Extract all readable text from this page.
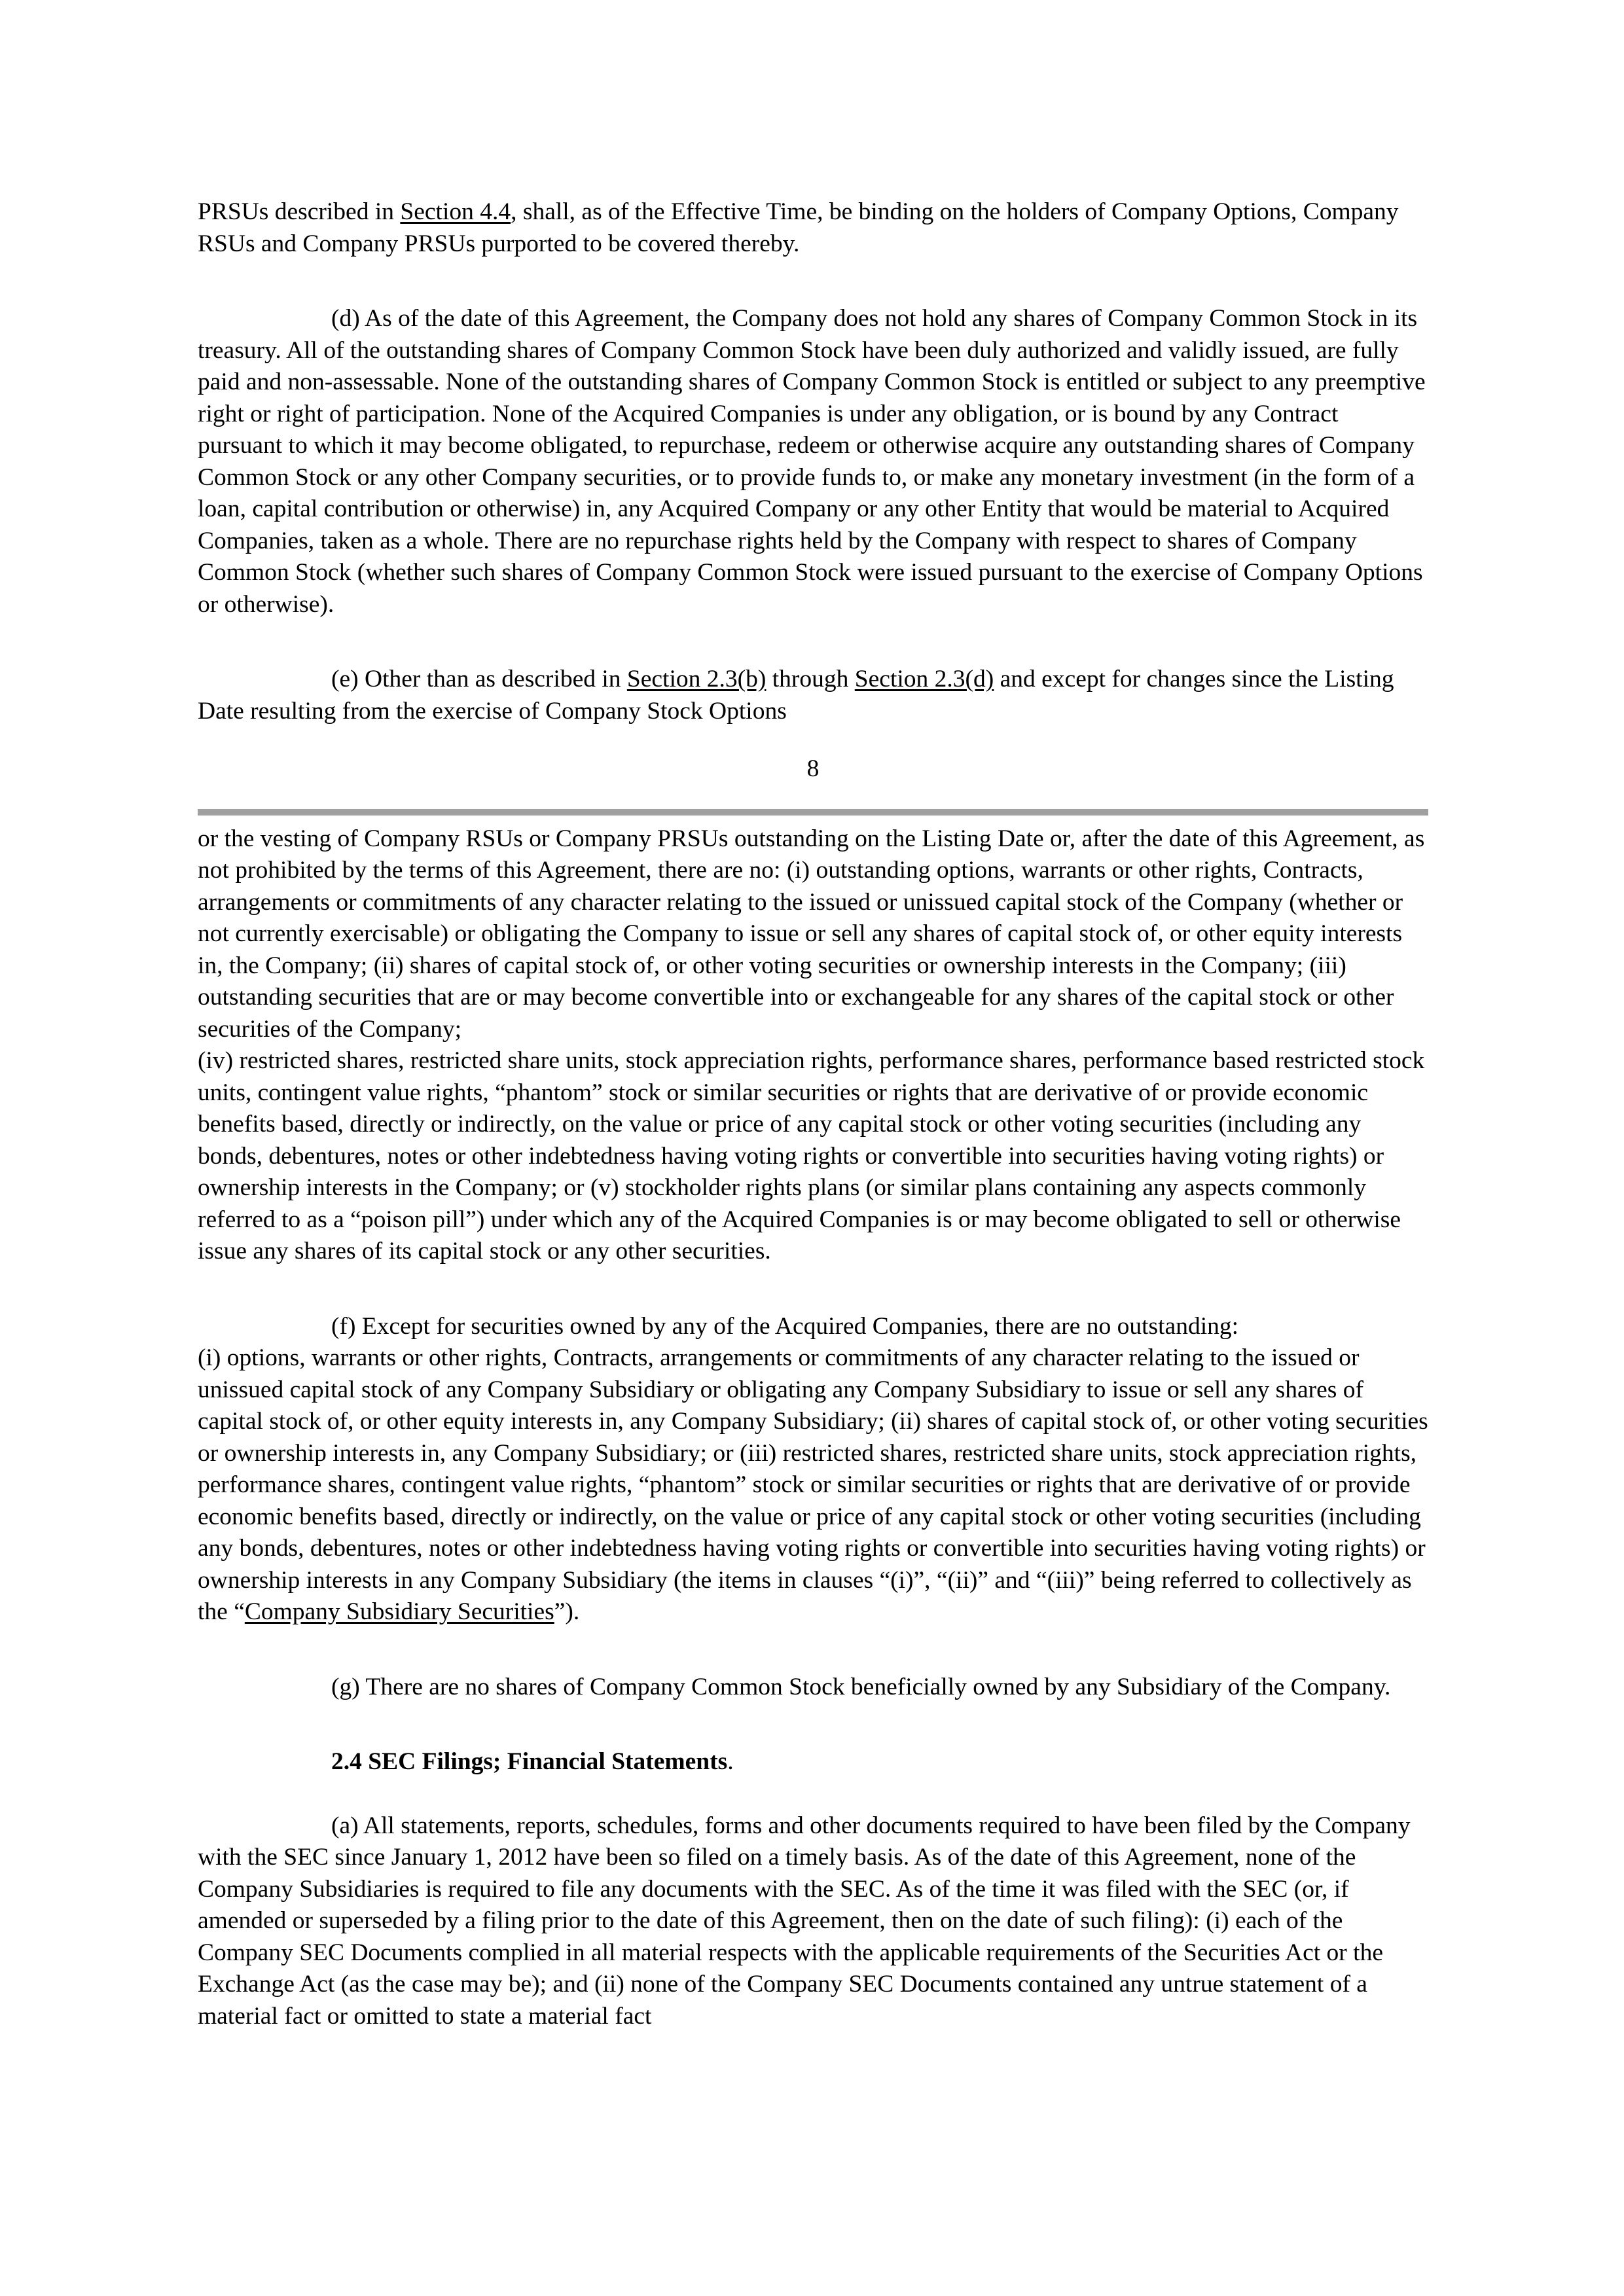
PRSUs described in Section 4.4, shall, as of the Effective Time, be binding on the holders of Company Options, Company RSUs and Company PRSUs purported to be covered thereby.

(d) As of the date of this Agreement, the Company does not hold any shares of Company Common Stock in its treasury. All of the outstanding shares of Company Common Stock have been duly authorized and validly issued, are fully paid and non-assessable. None of the outstanding shares of Company Common Stock is entitled or subject to any preemptive right or right of participation. None of the Acquired Companies is under any obligation, or is bound by any Contract pursuant to which it may become obligated, to repurchase, redeem or otherwise acquire any outstanding shares of Company Common Stock or any other Company securities, or to provide funds to, or make any monetary investment (in the form of a loan, capital contribution or otherwise) in, any Acquired Company or any other Entity that would be material to Acquired Companies, taken as a whole. There are no repurchase rights held by the Company with respect to shares of Company Common Stock (whether such shares of Company Common Stock were issued pursuant to the exercise of Company Options or otherwise).

(e) Other than as described in Section 2.3(b) through Section 2.3(d) and except for changes since the Listing Date resulting from the exercise of Company Stock Options

8

or the vesting of Company RSUs or Company PRSUs outstanding on the Listing Date or, after the date of this Agreement, as not prohibited by the terms of this Agreement, there are no: (i) outstanding options, warrants or other rights, Contracts, arrangements or commitments of any character relating to the issued or unissued capital stock of the Company (whether or not currently exercisable) or obligating the Company to issue or sell any shares of capital stock of, or other equity interests in, the Company; (ii) shares of capital stock of, or other voting securities or ownership interests in the Company; (iii) outstanding securities that are or may become convertible into or exchangeable for any shares of the capital stock or other securities of the Company;

(iv) restricted shares, restricted share units, stock appreciation rights, performance shares, performance based restricted stock units, contingent value rights, “phantom” stock or similar securities or rights that are derivative of or provide economic benefits based, directly or indirectly, on the value or price of any capital stock or other voting securities (including any bonds, debentures, notes or other indebtedness having voting rights or convertible into securities having voting rights) or ownership interests in the Company; or (v) stockholder rights plans (or similar plans containing any aspects commonly referred to as a “poison pill”) under which any of the Acquired Companies is or may become obligated to sell or otherwise issue any shares of its capital stock or any other securities.

(f) Except for securities owned by any of the Acquired Companies, there are no outstanding:

(i) options, warrants or other rights, Contracts, arrangements or commitments of any character relating to the issued or unissued capital stock of any Company Subsidiary or obligating any Company Subsidiary to issue or sell any shares of capital stock of, or other equity interests in, any Company Subsidiary; (ii) shares of capital stock of, or other voting securities or ownership interests in, any Company Subsidiary; or (iii) restricted shares, restricted share units, stock appreciation rights, performance shares, contingent value rights, “phantom” stock or similar securities or rights that are derivative of or provide economic benefits based, directly or indirectly, on the value or price of any capital stock or other voting securities (including any bonds, debentures, notes or other indebtedness having voting rights or convertible into securities having voting rights) or ownership interests in any Company Subsidiary (the items in clauses “(i)”, “(ii)” and “(iii)” being referred to collectively as the “Company Subsidiary Securities”).

(g) There are no shares of Company Common Stock beneficially owned by any Subsidiary of the Company.

2.4 SEC Filings; Financial Statements.

(a) All statements, reports, schedules, forms and other documents required to have been filed by the Company with the SEC since January 1, 2012 have been so filed on a timely basis. As of the date of this Agreement, none of the Company Subsidiaries is required to file any documents with the SEC. As of the time it was filed with the SEC (or, if amended or superseded by a filing prior to the date of this Agreement, then on the date of such filing): (i) each of the Company SEC Documents complied in all material respects with the applicable requirements of the Securities Act or the Exchange Act (as the case may be); and (ii) none of the Company SEC Documents contained any untrue statement of a material fact or omitted to state a material fact
